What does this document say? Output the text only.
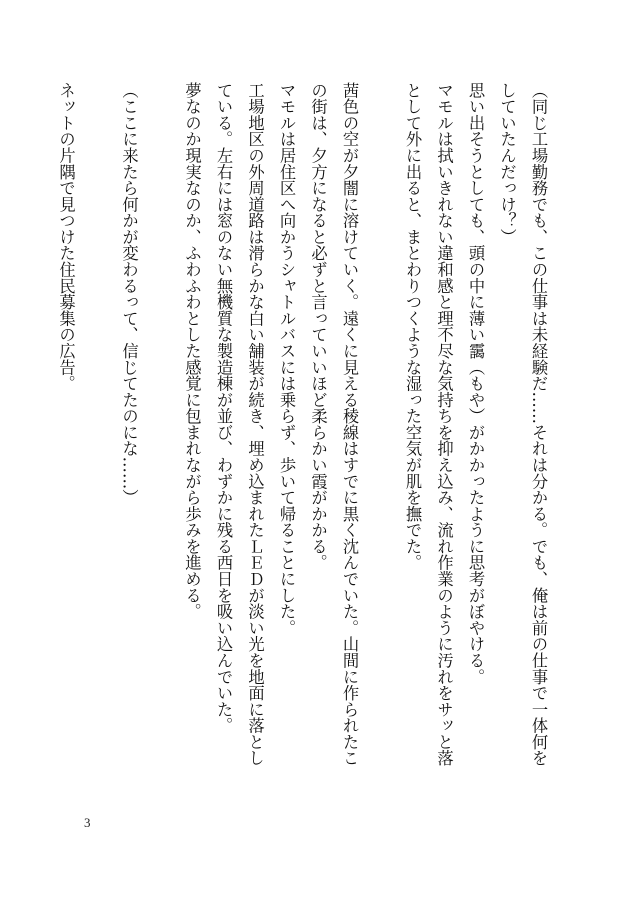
（同じ工場勤務でも、この仕事は未経験だ……それは分かる。でも、俺は前の仕事で一体何をしていたんだっけ？）
思い出そうとしても、頭の中に薄い靄（もや）がかかったように思考がぼやける。
マモルは拭いきれない違和感と理不尽な気持ちを抑え込み、流れ作業のように汚れをサッと落として外に出ると、まとわりつくような湿った空気が肌を撫でた。
茜色の空が夕闇に溶けていく。遠くに見える稜線はすでに黒く沈んでいた。山間に作られたこの街は、夕方になると必ずと言っていいほど柔らかい霞がかかる。
マモルは居住区へ向かうシャトルバスには乗らず、歩いて帰ることにした。
工場地区の外周道路は滑らかな白い舗装が続き、埋め込まれたＬＥＤが淡い光を地面に落としている。左右には窓のない無機質な製造棟が並び、わずかに残る西日を吸い込んでいた。
夢なのか現実なのか、ふわふわとした感覚に包まれながら歩みを進める。
（ここに来たら何かが変わるって、信じてたのにな……）
ネットの片隅で見つけた住民募集の広告。
3
